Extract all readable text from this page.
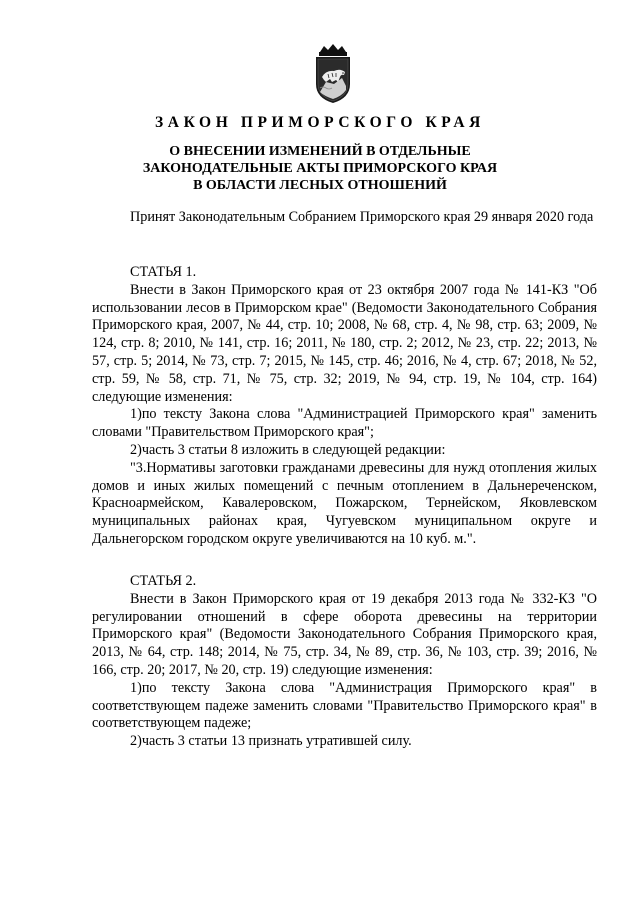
ЗАКОН ПРИМОРСКОГО КРАЯ
О ВНЕСЕНИИ ИЗМЕНЕНИЙ В ОТДЕЛЬНЫЕ
ЗАКОНОДАТЕЛЬНЫЕ АКТЫ ПРИМОРСКОГО КРАЯ
В ОБЛАСТИ ЛЕСНЫХ ОТНОШЕНИЙ

Принят Законодательным Собранием Приморского края 29 января 2020 года

СТАТЬЯ 1.

Внести в Закон Приморского края от 23 октября 2007 года № 141-КЗ "Об использовании лесов в Приморском крае" (Ведомости Законодательного Собрания Приморского края, 2007, № 44, стр. 10; 2008, № 68, стр. 4, № 98, стр. 63; 2009, № 124, стр. 8; 2010, № 141, стр. 16; 2011, № 180, стр. 2; 2012, № 23, стр. 22; 2013, № 57, стр. 5; 2014, № 73, стр. 7; 2015, № 145, стр. 46; 2016, № 4, стр. 67; 2018, № 52, стр. 59, № 58, стр. 71, № 75, стр. 32; 2019, № 94, стр. 19, № 104, стр. 164) следующие изменения:

1)по тексту Закона слова "Администрацией Приморского края" заменить словами "Правительством Приморского края";

2)часть 3 статьи 8 изложить в следующей редакции:

"3.Нормативы заготовки гражданами древесины для нужд отопления жилых домов и иных жилых помещений с печным отоплением в Дальнереченском, Красноармейском, Кавалеровском, Пожарском, Тернейском, Яковлевском муниципальных районах края, Чугуевском муниципальном округе и Дальнегорском городском округе увеличиваются на 10 куб. м.".

СТАТЬЯ 2.

Внести в Закон Приморского края от 19 декабря 2013 года № 332-КЗ "О регулировании отношений в сфере оборота древесины на территории Приморского края" (Ведомости Законодательного Собрания Приморского края, 2013, № 64, стр. 148; 2014, № 75, стр. 34, № 89, стр. 36, № 103, стр. 39; 2016, № 166, стр. 20; 2017, № 20, стр. 19) следующие изменения:

1)по тексту Закона слова "Администрация Приморского края" в соответствующем падеже заменить словами "Правительство Приморского края" в соответствующем падеже;

2)часть 3 статьи 13 признать утратившей силу.
